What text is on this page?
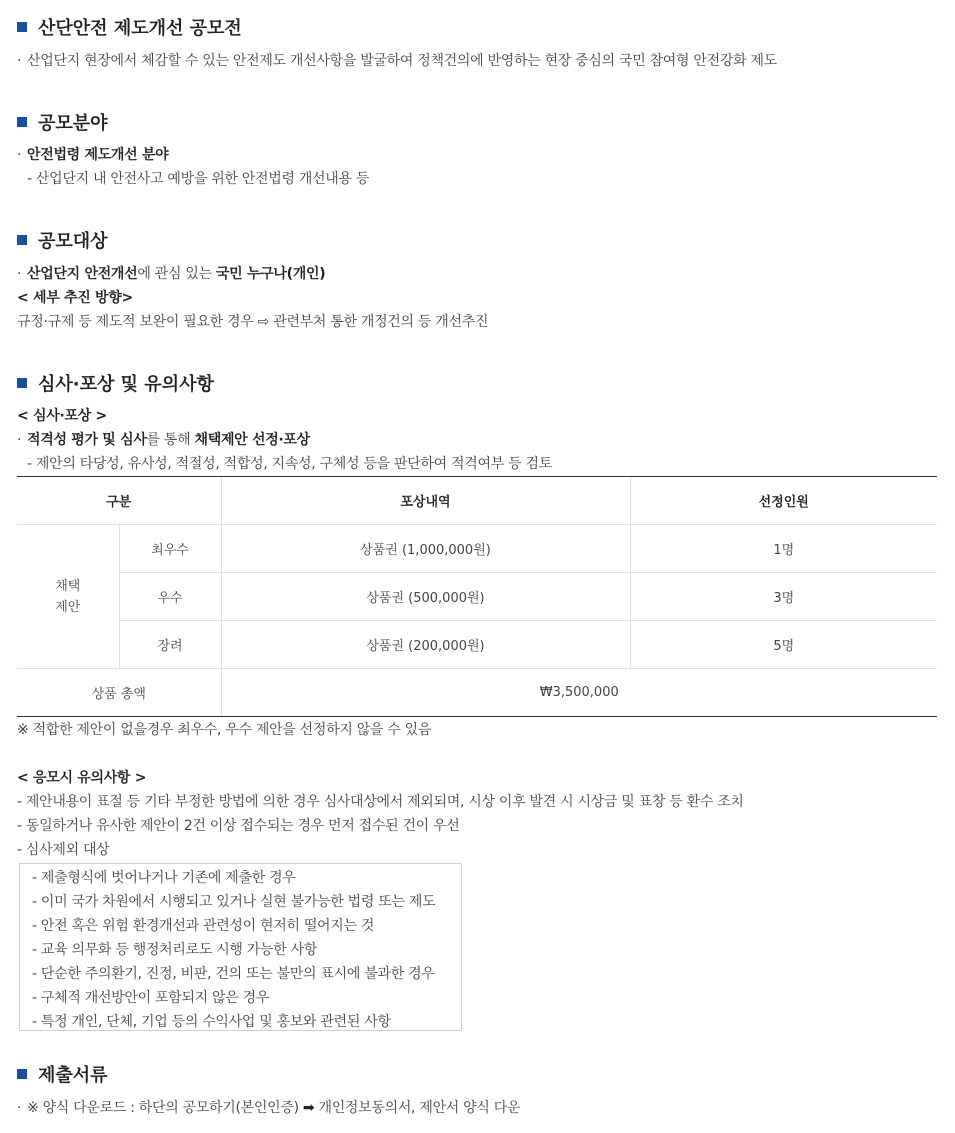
산단안전 제도개선 공모전
· 산업단지 현장에서 체감할 수 있는 안전제도 개선사항을 발굴하여 정책건의에 반영하는 현장 중심의 국민 참여형 안전강화 제도
공모분야
· 안전법령 제도개선 분야
- 산업단지 내 안전사고 예방을 위한 안전법령 개선내용 등
공모대상
· 산업단지 안전개선에 관심 있는 국민 누구나(개인)
< 세부 추진 방향>
규정·규제 등 제도적 보완이 필요한 경우 ⇨ 관련부처 통한 개정건의 등 개선추진
심사·포상 및 유의사항
< 심사·포상 >
· 적격성 평가 및 심사를 통해 채택제안 선정·포상
- 제안의 타당성, 유사성, 적절성, 적합성, 지속성, 구체성 등을 판단하여 적격여부 등 검토
구분		포상내역	선정인원
채택
제안	최우수	상품권 (1,000,000원)	1명
	우수	상품권 (500,000원)	3명
	장려	상품권 (200,000원)	5명
상품 총액		₩3,500,000	
※ 적합한 제안이 없을경우 최우수, 우수 제안을 선정하지 않을 수 있음
< 응모시 유의사항 >
- 제안내용이 표절 등 기타 부정한 방법에 의한 경우 심사대상에서 제외되며, 시상 이후 발견 시 시상금 및 표창 등 환수 조치
- 동일하거나 유사한 제안이 2건 이상 접수되는 경우 먼저 접수된 건이 우선
- 심사제외 대상
- 제출형식에 벗어나거나 기존에 제출한 경우
- 이미 국가 차원에서 시행되고 있거나 실현 불가능한 법령 또는 제도
- 안전 혹은 위험 환경개선과 관련성이 현저히 떨어지는 것
- 교육 의무화 등 행정처리로도 시행 가능한 사항
- 단순한 주의환기, 진정, 비판, 건의 또는 불만의 표시에 불과한 경우
- 구체적 개선방안이 포함되지 않은 경우
- 특정 개인, 단체, 기업 등의 수익사업 및 홍보와 관련된 사항
제출서류
· ※ 양식 다운로드 : 하단의 공모하기(본인인증) ➡ 개인정보동의서, 제안서 양식 다운
